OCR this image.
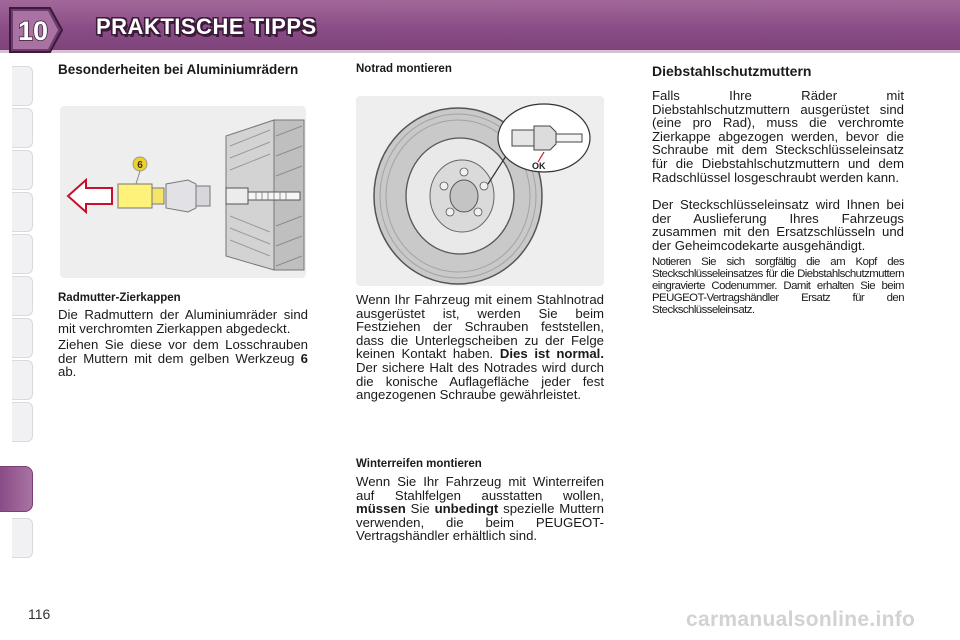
10 PRAKTISCHE TIPPS
Besonderheiten bei Aluminiumrädern
6
Radmutter-Zierkappen

Die Radmuttern der Aluminiumräder sind mit verchromten Zierkappen abgedeckt.

Ziehen Sie diese vor dem Losschrauben der Muttern mit dem gelben Werkzeug 6 ab.

Notrad montieren
OK

Wenn Ihr Fahrzeug mit einem Stahlnotrad ausgerüstet ist, werden Sie beim Festziehen der Schrauben feststellen, dass die Unterlegscheiben zu der Felge keinen Kontakt haben. Dies ist normal. Der sichere Halt des Notrades wird durch die konische Auflagefläche jeder fest angezogenen Schraube gewährleistet.

Winterreifen montieren

Wenn Sie Ihr Fahrzeug mit Winterreifen auf Stahlfelgen ausstatten wollen, müssen Sie unbedingt spezielle Muttern verwenden, die beim PEUGEOT-Vertragshändler erhältlich sind.

Diebstahlschutzmuttern

Falls Ihre Räder mit Diebstahlschutzmuttern ausgerüstet sind (eine pro Rad), muss die verchromte Zierkappe abgezogen werden, bevor die Schraube mit dem Steckschlüsseleinsatz für die Diebstahlschutzmuttern und dem Radschlüssel losgeschraubt werden kann.

Der Steckschlüsseleinsatz wird Ihnen bei der Auslieferung Ihres Fahrzeugs zusammen mit den Ersatzschlüsseln und der Geheimcodekarte ausgehändigt.

Notieren Sie sich sorgfältig die am Kopf des Steckschlüsseleinsatzes für die Diebstahlschutzmuttern eingravierte Codenummer. Damit erhalten Sie beim PEUGEOT-Vertragshändler Ersatz für den Steckschlüsseleinsatz.

116	carmanualsonline.info
